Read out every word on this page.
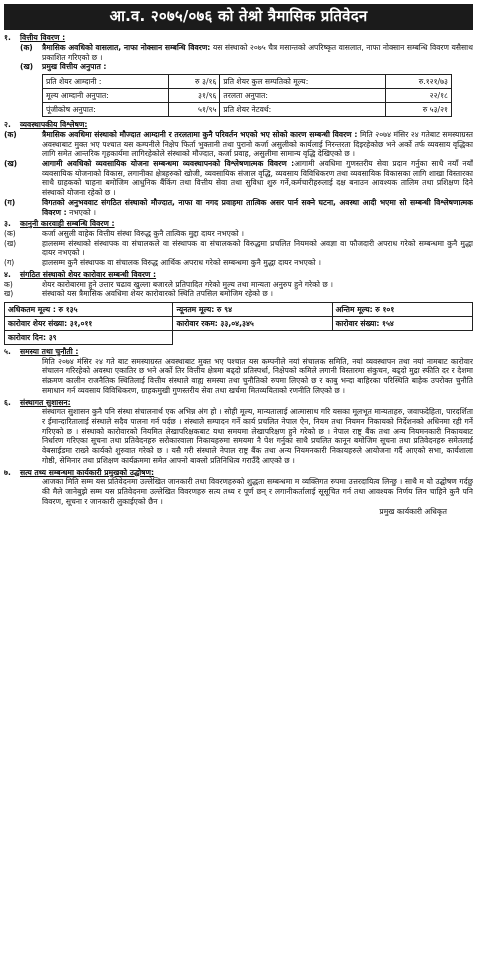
आ.व. २०७५/०७६ को तेश्रो त्रैमासिक प्रतिवेदन
१.	वित्तीय विवरण :
(क)	त्रैमासिक अवधिको वासलात, नाफा नोक्सान सम्बन्धि विवरण: यस संस्थाको २०७५ चैत्र मसान्तको अपरिष्कृत वासलात, नाफा नोक्सान सम्बन्धि विवरण यसैसाथ प्रकाशित गरिएको छ ।
(ख)	प्रमुख वित्तीय अनुपात :
प्रति शेयर आम्दानी :	रु ३/१६	प्रति शेयर कुल सम्पतिको मूल्य:	रु.१२१/७३
मूल्य आम्दानी अनुपात:	३१/९६	तरलता अनुपात:	२२/१८
पूंजीकोष अनुपात:	५१/९५	प्रति शेयर नेटवर्थ:	रु ५३/२१
२.	व्यवस्थापकीय विश्लेषण:
(क)	त्रैमासिक अवधिमा संस्थाको मौज्दात आम्दानी र तरलतामा कुनै परिवर्तन भएको भए सोको कारण सम्बन्धी विवरण : मिति २०७४ मंसिर २४ गतेबाट समस्याग्रस्त अवस्थाबाट मुक्त भए पश्चात यस कम्पनीले निक्षेप फिर्ता भुक्तानी तथा पुरानो कर्जा असुलीको कार्यलाई निरन्तरता दिइरहेकोछ भने अर्को तर्फ व्यवसाय वृद्धिका लागि समेत आन्तरिक गृहकार्यमा लागिरहेकोले संस्थाको मौज्दात, कर्जा प्रवाह, असुलीमा सामान्य वृद्धि देखिएको छ ।
(ख)	आगामी अवधिको व्यवसायिक योजना सम्बन्धमा व्यवस्थापनको विश्लेषणात्मक विवरण :आगामी अवधिमा गुणस्तरीय सेवा प्रदान गर्नुका साथै नयाँ नयाँ व्यवसायिक योजनाको विकास, लगानीका क्षेत्रहरुको खोजी, व्यवसायिक संजाल वृद्धि, व्यवसाय विविधिकरण तथा व्यवसायिक विकासका लागि शाखा विस्तारका साथै ग्राहकको चाहना बमोजिम आधुनिक बैंकिंग तथा वित्तीय सेवा तथा सुविधा शुरु गर्ने,कर्मचारीहरुलाई दक्ष बनाउन आवश्यक तालिम तथा प्रशिक्षण दिने संस्थाको योजना रहेको छ ।
(ग)	विगतको अनुभववाट संगठित संस्थाको मौज्दात, नाफा वा नगद प्रवाहमा तात्विक असर पार्न सक्ने घटना, अवस्था आदी भएमा सो सम्बन्धी विश्लेषणात्मक विवरण : नभएको ।
३.	कानुनी कारवाही सम्बन्धि विवरण :
(क)	कर्जा असुली वाहेक वित्तीय संस्था विरुद्ध कुनै तात्विक मुद्दा दायर नभएको ।
(ख)	हालसम्म संस्थाको संस्थापक वा संचालकले वा संस्थापक वा संचालकको विरुद्धमा प्रचलित नियमको अवज्ञा वा फौजदारी अपराध गरेको सम्बन्धमा कुनै मुद्धा दायर नभएको ।
(ग)	हालसम्म कुनै संस्थापक वा संचालक विरुद्ध आर्थिक अपराध गरेको सम्बन्धमा कुनै मुद्धा दायर नभएको ।
४.	संगठित संस्थाको शेयर कारोवार सम्बन्धी विवरण :
क)	शेयर कारोबारमा हुने उत्तार चढाव खुल्ला बजारले प्रतिपादित गरेको मुल्य तथा मान्यता अनुरुप हुने गरेको छ ।
ख)	संस्थाको यस त्रैमासिक अवधिमा शेयर कारोवारको स्थिति तपसिल बमोजिम रहेको छ ।
अधिकतम मूल्य : रु १३५	न्यूनतम मूल्य: रु ९४	अन्तिम मूल्य: रु १०१
कारोवार शेयर संख्या: ३१,०११	कारोवार रकम: ३३,०४,३४५	कारोवार संख्या: १५४
कारोवार दिन: ३९		
५.	समस्या तथा चुनौती :
मिति २०७४ मंसिर २४ गते बाट समस्याग्रस्त अवस्थाबाट मुक्त भए पश्चात यस कम्पनीले नयां संचालक समिति, नयां व्यवस्थापन तथा नयां नामबाट कारोवार संचालन गरिरहेको अवस्था एकातिर छ भने अर्को तिर वित्तीय क्षेत्रमा बढ्दो प्रतिस्पर्धा, निक्षेपको कमिले लगानी विस्तारमा संकुचन, बढ्दो मुद्रा स्फीति दर र देशमा संक्रमण कालीन राजनैतिक स्थितिलाई वित्तीय संस्थाले वाह्य समस्या तथा चुनौतिको रुपमा लिएको छ र काबु भन्दा बाहिरका परिस्थिति बाहेक उपरोक्त चुनौति समाधान गर्न व्यवसाय विविधिकरण, ग्राहकमुखी गुणस्तरीय सेवा तथा खर्चमा मितव्ययिताको रणनीति लिएको छ ।
६.	संस्थागत सुशासन:
संस्थागत सुशासन कुनै पनि संस्था संचालनार्थ एक अभिन्न अंग हो । सोही मूल्य, मान्यतालाई आत्मासाथ गरि यसका मूलभूत मान्यताहरु, जवाफदेहिता, पारदर्शिता र ईमान्दारितालाई संस्थाले सदैव पालना गर्न पर्दछ । संस्थाले सम्पादन गर्ने कार्य प्रचलित नेपाल ऐन, नियम तथा नियमन निकायको निर्देशनको अधिनमा रही गर्ने गरिएको छ । संस्थाको कारोवारको नियमित लेखापरिक्षकबाट यथा समयमा लेखापरिक्षण हुने गरेको छ । नेपाल राष्ट्र बैंक तथा अन्य नियमनकारी निकायबाट निर्धारण गरिएका सूचना तथा प्रतिवेदनहरु सरोकारवाला निकायहरुमा समयमा नै पेश गर्नुका साथै प्रचलित कानून बमोजिम सूचना तथा प्रतिवेदनहरु समेतलाई वेबसाईडमा राख्ने कार्यको शुरुवात गरेको छ । यसै गरी संस्थाले नेपाल राष्ट्र बैंक तथा अन्य नियमनकारी निकायहरुले आयोजना गर्दै आएको सभा, कार्यशाला गोष्ठी, सेमिनार तथा प्रशिक्षण कार्यक्रममा समेत आफ्नो बाक्लो प्रतिनिधित्व गराउँदै आएको छ ।
७.	सत्य तथ्य सम्बन्धमा कार्यकारी प्रमुखको उद्घोषण:
आजका मिति सम्म यस प्रतिवेदनमा उल्लेखित जानकारी तथा विवरणहरुको शुद्धता सम्बन्धमा म व्यक्तिगत रुपमा उत्तरदायित्व लिन्छु । साथै म यो उद्घोषण गर्दछु की मैले जानेबुझे सम्म यस प्रतिवेदनमा उल्लेखित विवरणहरु सत्य तथ्य र पूर्ण छन् र लगानीकर्तालाई सूसूचित गर्न तथा आवश्यक निर्णय लिन चाहिने कुनै पनि विवरण, सूचना र जानकारी लुकाईएको छैन ।
प्रमुख कार्यकारी अधिकृत
